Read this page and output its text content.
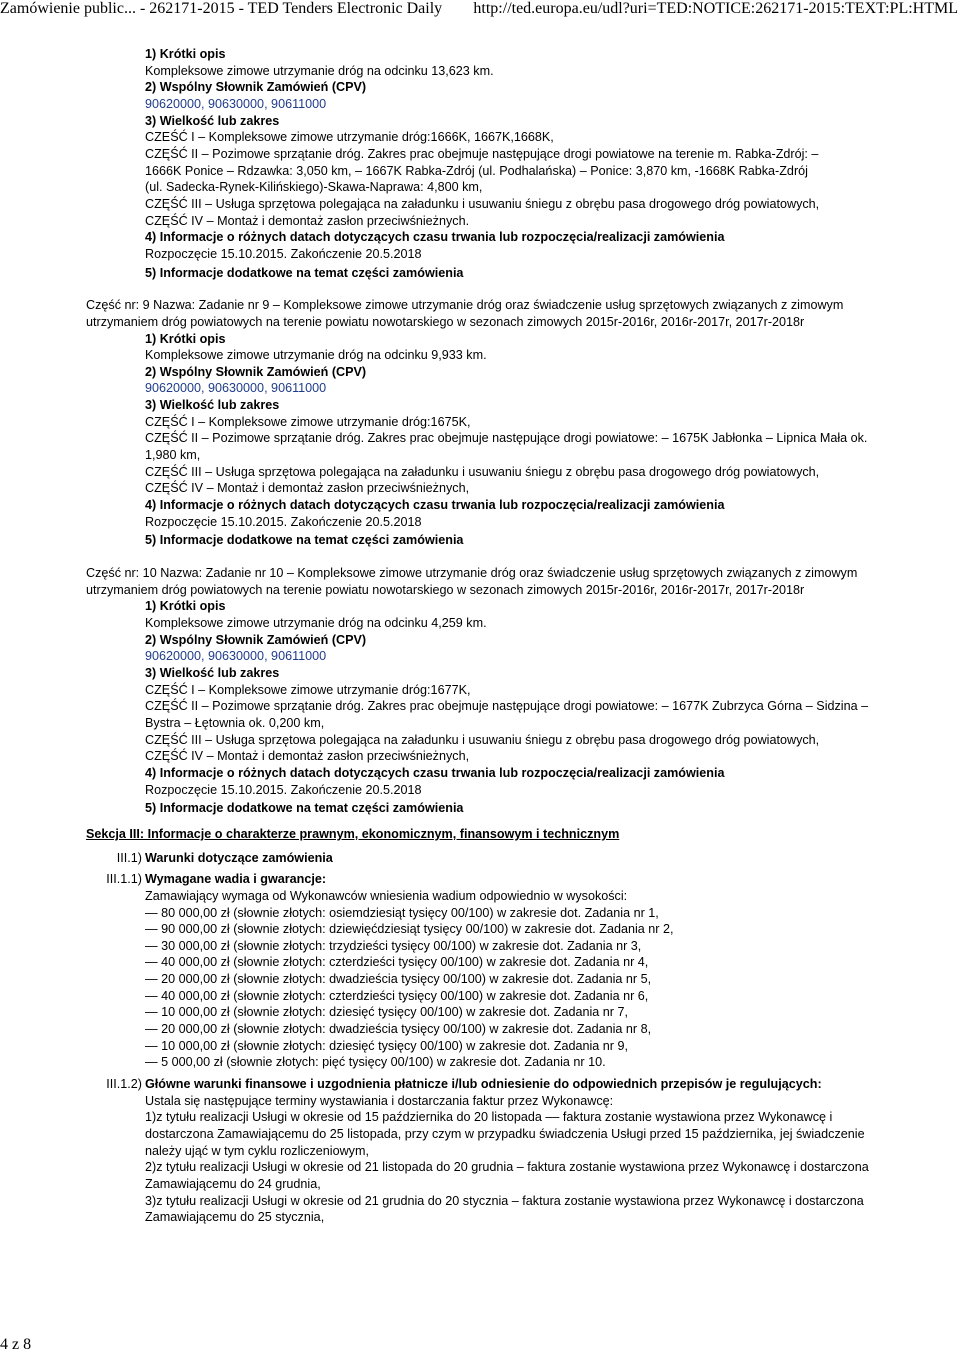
Zamówienie public... - 262171-2015 - TED Tenders Electronic Daily http://ted.europa.eu/udl?uri=TED:NOTICE:262171-2015:TEXT:PL:HTML
1) Krótki opis
Kompleksowe zimowe utrzymanie dróg na odcinku 13,623 km.
2) Wspólny Słownik Zamówień (CPV)
90620000, 90630000, 90611000
3) Wielkość lub zakres
CZEŚĆ I – Kompleksowe zimowe utrzymanie dróg:1666K, 1667K,1668K,
CZĘŚĆ II – Pozimowe sprzątanie dróg. Zakres prac obejmuje następujące drogi powiatowe na terenie m. Rabka-Zdrój: –
1666K Ponice – Rdzawka: 3,050 km, – 1667K Rabka-Zdrój (ul. Podhalańska) – Ponice: 3,870 km, -1668K Rabka-Zdrój
(ul. Sadecka-Rynek-Kilińskiego)-Skawa-Naprawa: 4,800 km,
CZĘŚĆ III – Usługa sprzętowa polegająca na załadunku i usuwaniu śniegu z obrębu pasa drogowego dróg powiatowych,
CZĘŚĆ IV – Montaż i demontaż zasłon przeciwśnieżnych.
4) Informacje o różnych datach dotyczących czasu trwania lub rozpoczęcia/realizacji zamówienia
Rozpoczęcie 15.10.2015. Zakończenie 20.5.2018
5) Informacje dodatkowe na temat części zamówienia
Część nr: 9 Nazwa: Zadanie nr 9 – Kompleksowe zimowe utrzymanie dróg oraz świadczenie usług sprzętowych związanych z zimowym utrzymaniem dróg powiatowych na terenie powiatu nowotarskiego w sezonach zimowych 2015r-2016r, 2016r-2017r, 2017r-2018r
1) Krótki opis
Kompleksowe zimowe utrzymanie dróg na odcinku 9,933 km.
2) Wspólny Słownik Zamówień (CPV)
90620000, 90630000, 90611000
3) Wielkość lub zakres
CZĘŚĆ I – Kompleksowe zimowe utrzymanie dróg:1675K,
CZĘŚĆ II – Pozimowe sprzątanie dróg. Zakres prac obejmuje następujące drogi powiatowe: – 1675K Jabłonka – Lipnica Mała ok. 1,980 km,
CZĘŚĆ III – Usługa sprzętowa polegająca na załadunku i usuwaniu śniegu z obrębu pasa drogowego dróg powiatowych,
CZĘŚĆ IV – Montaż i demontaż zasłon przeciwśnieżnych,
4) Informacje o różnych datach dotyczących czasu trwania lub rozpoczęcia/realizacji zamówienia
Rozpoczęcie 15.10.2015. Zakończenie 20.5.2018
5) Informacje dodatkowe na temat części zamówienia
Część nr: 10 Nazwa: Zadanie nr 10 – Kompleksowe zimowe utrzymanie dróg oraz świadczenie usług sprzętowych związanych z zimowym utrzymaniem dróg powiatowych na terenie powiatu nowotarskiego w sezonach zimowych 2015r-2016r, 2016r-2017r, 2017r-2018r
1) Krótki opis
Kompleksowe zimowe utrzymanie dróg na odcinku 4,259 km.
2) Wspólny Słownik Zamówień (CPV)
90620000, 90630000, 90611000
3) Wielkość lub zakres
CZĘŚĆ I – Kompleksowe zimowe utrzymanie dróg:1677K,
CZĘŚĆ II – Pozimowe sprzątanie dróg. Zakres prac obejmuje następujące drogi powiatowe: – 1677K Zubrzyca Górna – Sidzina – Bystra – Łętownia ok. 0,200 km,
CZĘŚĆ III – Usługa sprzętowa polegająca na załadunku i usuwaniu śniegu z obrębu pasa drogowego dróg powiatowych,
CZĘŚĆ IV – Montaż i demontaż zasłon przeciwśnieżnych,
4) Informacje o różnych datach dotyczących czasu trwania lub rozpoczęcia/realizacji zamówienia
Rozpoczęcie 15.10.2015. Zakończenie 20.5.2018
5) Informacje dodatkowe na temat części zamówienia
Sekcja III: Informacje o charakterze prawnym, ekonomicznym, finansowym i technicznym
III.1) Warunki dotyczące zamówienia
III.1.1) Wymagane wadia i gwarancje:
Zamawiający wymaga od Wykonawców wniesienia wadium odpowiednio w wysokości:
— 80 000,00 zł (słownie złotych: osiemdziesiąt tysięcy 00/100) w zakresie dot. Zadania nr 1,
— 90 000,00 zł (słownie złotych: dziewięćdziesiąt tysięcy 00/100) w zakresie dot. Zadania nr 2,
— 30 000,00 zł (słownie złotych: trzydzieści tysięcy 00/100) w zakresie dot. Zadania nr 3,
— 40 000,00 zł (słownie złotych: czterdzieści tysięcy 00/100) w zakresie dot. Zadania nr 4,
— 20 000,00 zł (słownie złotych: dwadzieścia tysięcy 00/100) w zakresie dot. Zadania nr 5,
— 40 000,00 zł (słownie złotych: czterdzieści tysięcy 00/100) w zakresie dot. Zadania nr 6,
— 10 000,00 zł (słownie złotych: dziesięć tysięcy 00/100) w zakresie dot. Zadania nr 7,
— 20 000,00 zł (słownie złotych: dwadzieścia tysięcy 00/100) w zakresie dot. Zadania nr 8,
— 10 000,00 zł (słownie złotych: dziesięć tysięcy 00/100) w zakresie dot. Zadania nr 9,
— 5 000,00 zł (słownie złotych: pięć tysięcy 00/100) w zakresie dot. Zadania nr 10.
III.1.2) Główne warunki finansowe i uzgodnienia płatnicze i/lub odniesienie do odpowiednich przepisów je regulujących:
Ustala się następujące terminy wystawiania i dostarczania faktur przez Wykonawcę:
1)z tytułu realizacji Usługi w okresie od 15 października do 20 listopada –– faktura zostanie wystawiona przez Wykonawcę i dostarczona Zamawiającemu do 25 listopada, przy czym w przypadku świadczenia Usługi przed 15 października, jej świadczenie należy ująć w tym cyklu rozliczeniowym,
2)z tytułu realizacji Usługi w okresie od 21 listopada do 20 grudnia – faktura zostanie wystawiona przez Wykonawcę i dostarczona Zamawiającemu do 24 grudnia,
3)z tytułu realizacji Usługi w okresie od 21 grudnia do 20 stycznia – faktura zostanie wystawiona przez Wykonawcę i dostarczona Zamawiającemu do 25 stycznia,
4 z 8
